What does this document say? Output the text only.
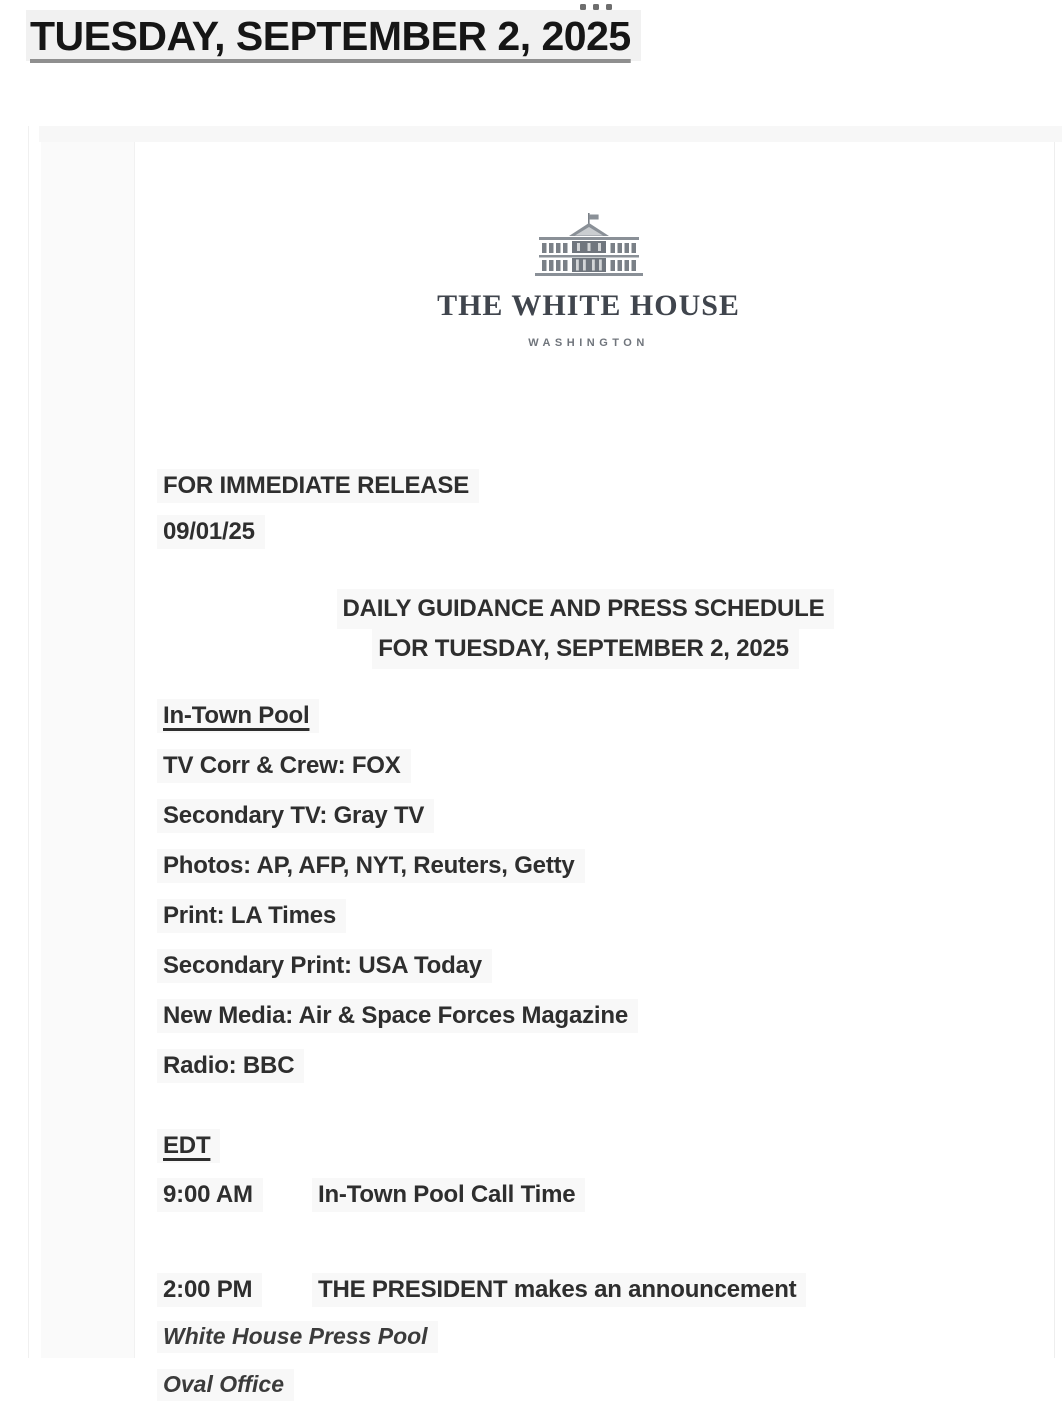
TUESDAY, SEPTEMBER 2, 2025
THE WHITE HOUSE
WASHINGTON
FOR IMMEDIATE RELEASE
09/01/25
DAILY GUIDANCE AND PRESS SCHEDULE
FOR TUESDAY, SEPTEMBER 2, 2025
In-Town Pool
TV Corr & Crew: FOX
Secondary TV: Gray TV
Photos: AP, AFP, NYT, Reuters, Getty
Print: LA Times
Secondary Print: USA Today
New Media: Air & Space Forces Magazine
Radio: BBC
EDT
9:00 AM	In-Town Pool Call Time
2:00 PM	THE PRESIDENT makes an announcement
White House Press Pool
Oval Office
